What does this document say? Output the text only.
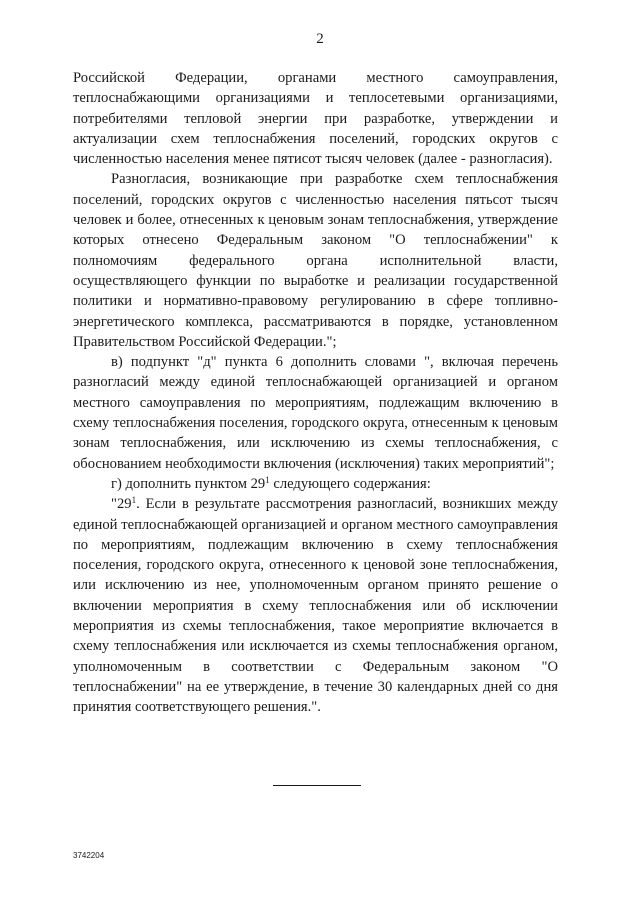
2

Российской Федерации, органами местного самоуправления, теплоснабжающими организациями и теплосетевыми организациями, потребителями тепловой энергии при разработке, утверждении и актуализации схем теплоснабжения поселений, городских округов с численностью населения менее пятисот тысяч человек (далее - разногласия).

Разногласия, возникающие при разработке схем теплоснабжения поселений, городских округов с численностью населения пятьсот тысяч человек и более, отнесенных к ценовым зонам теплоснабжения, утверждение которых отнесено Федеральным законом "О теплоснабжении" к полномочиям федерального органа исполнительной власти, осуществляющего функции по выработке и реализации государственной политики и нормативно-правовому регулированию в сфере топливно-энергетического комплекса, рассматриваются в порядке, установленном Правительством Российской Федерации.";

в) подпункт "д" пункта 6 дополнить словами ", включая перечень разногласий между единой теплоснабжающей организацией и органом местного самоуправления по мероприятиям, подлежащим включению в схему теплоснабжения поселения, городского округа, отнесенным к ценовым зонам теплоснабжения, или исключению из схемы теплоснабжения, с обоснованием необходимости включения (исключения) таких мероприятий";

г) дополнить пунктом $29^1$ следующего содержания:

"$29^1$. Если в результате рассмотрения разногласий, возникших между единой теплоснабжающей организацией и органом местного самоуправления по мероприятиям, подлежащим включению в схему теплоснабжения поселения, городского округа, отнесенного к ценовой зоне теплоснабжения, или исключению из нее, уполномоченным органом принято решение о включении мероприятия в схему теплоснабжения или об исключении мероприятия из схемы теплоснабжения, такое мероприятие включается в схему теплоснабжения или исключается из схемы теплоснабжения органом, уполномоченным в соответствии с Федеральным законом "О теплоснабжении" на ее утверждение, в течение 30 календарных дней со дня принятия соответствующего решения.".

3742204
